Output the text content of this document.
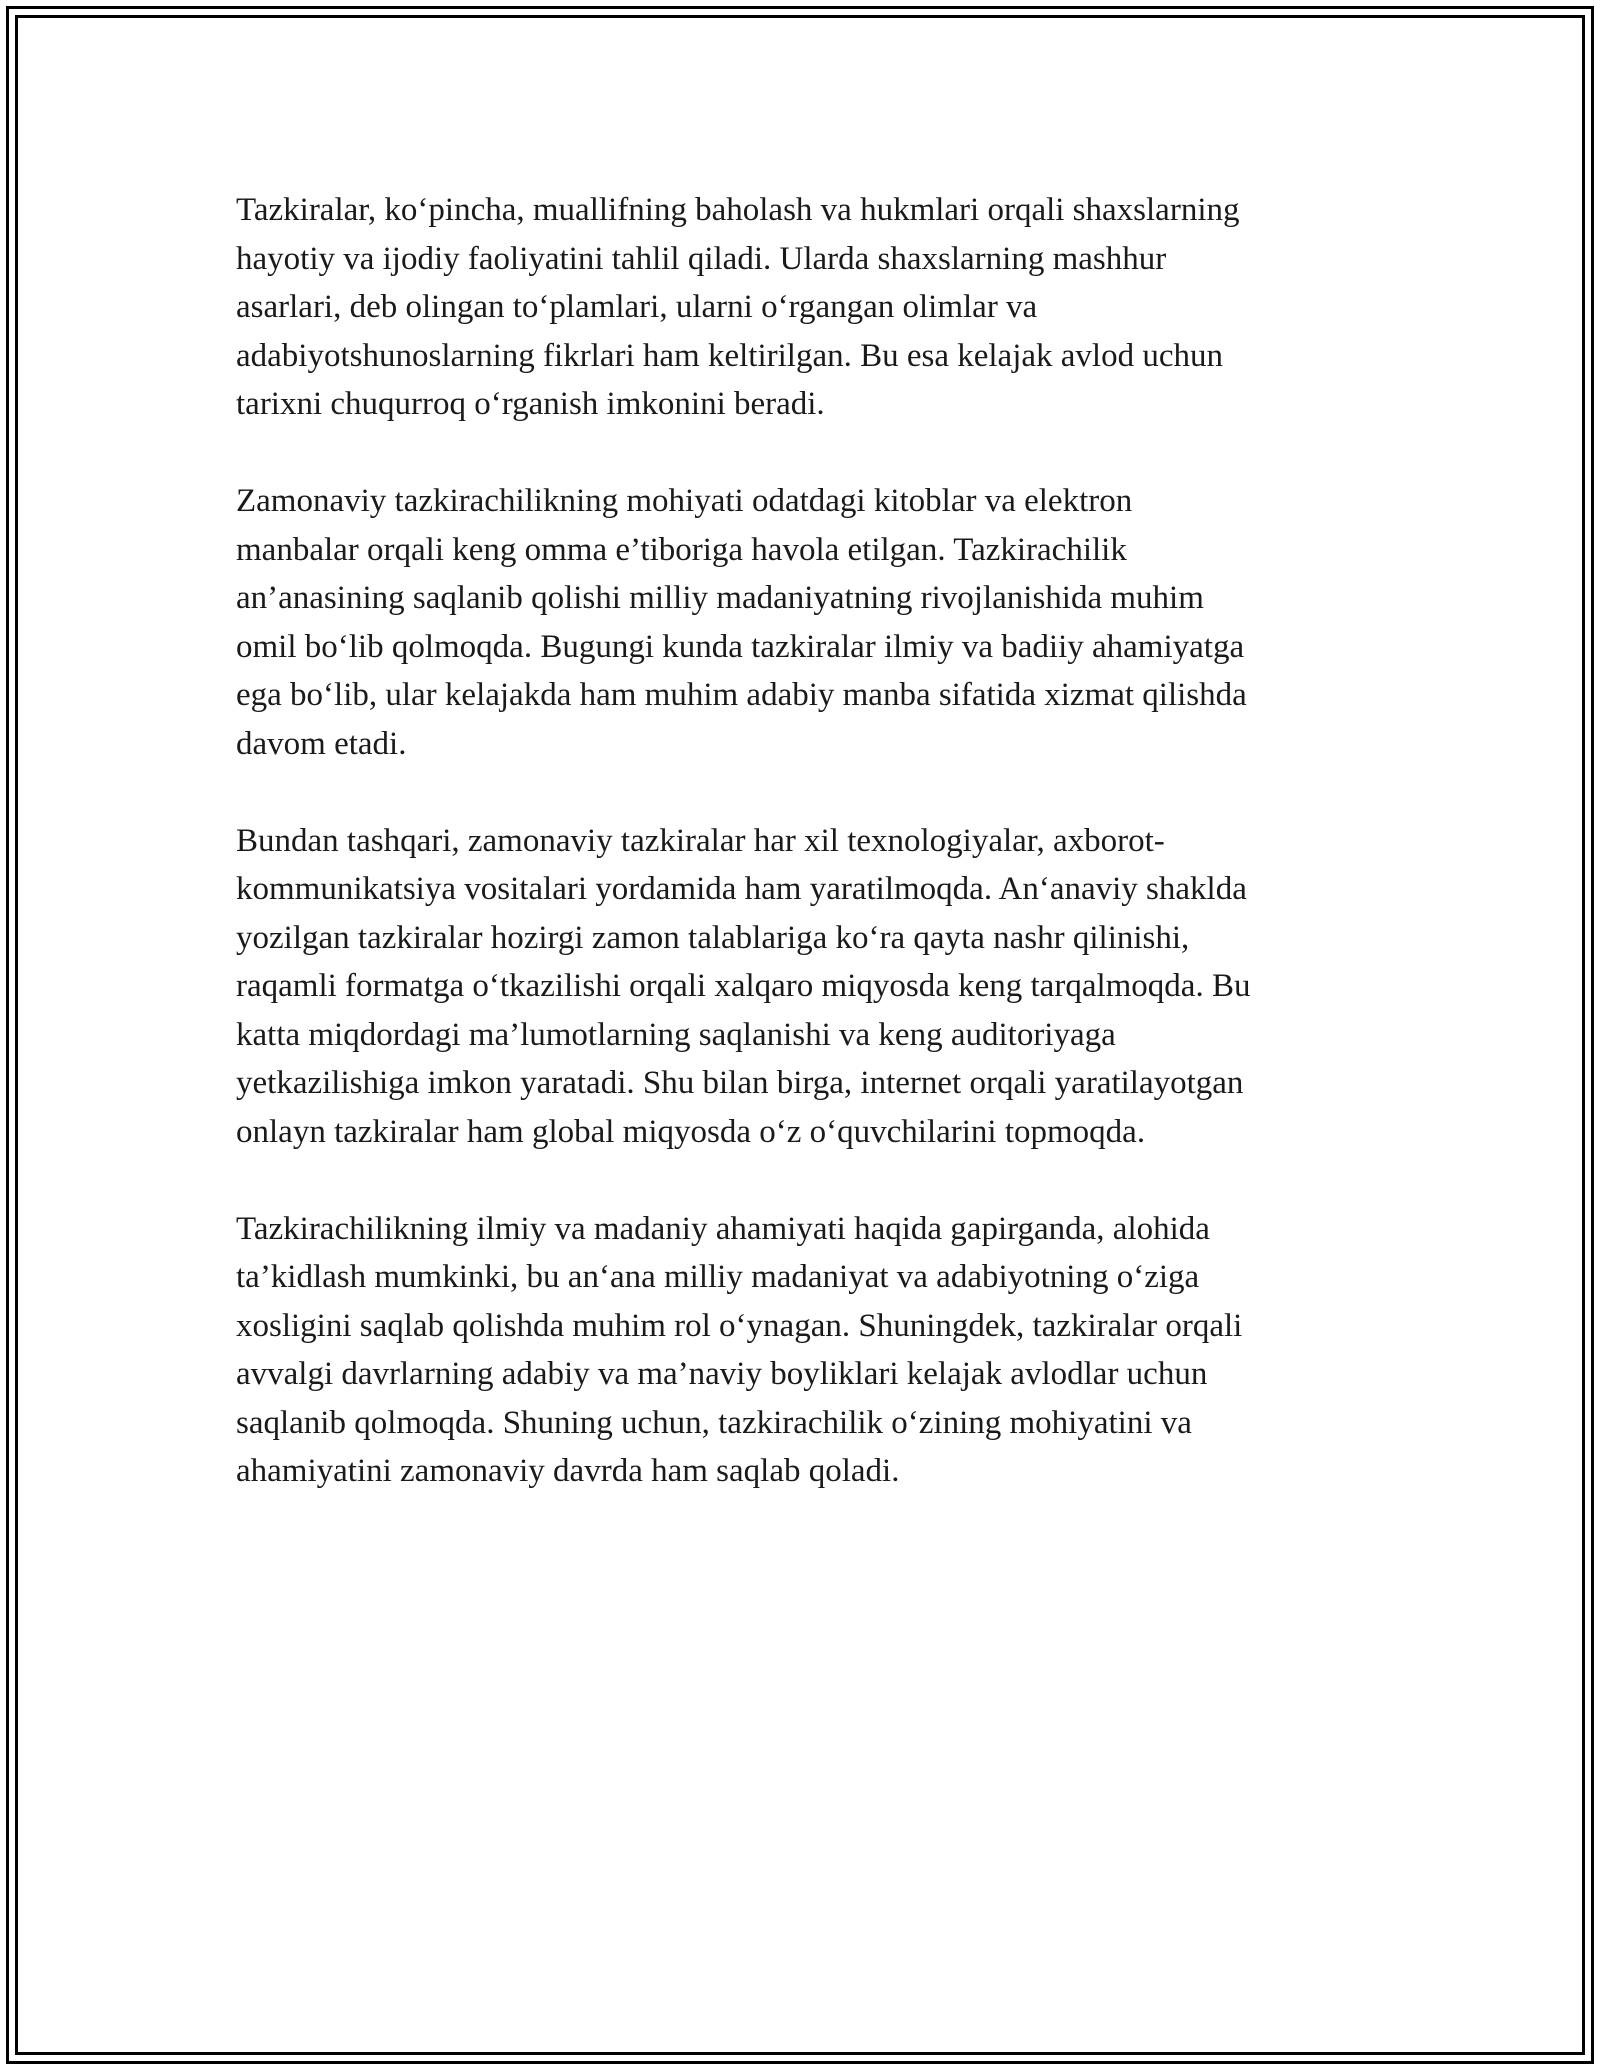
Tazkiralar, ko‘pincha, muallifning baholash va hukmlari orqali shaxslarning
hayotiy va ijodiy faoliyatini tahlil qiladi. Ularda shaxslarning mashhur
asarlari, deb olingan to‘plamlari, ularni o‘rgangan olimlar va
adabiyotshunoslarning fikrlari ham keltirilgan. Bu esa kelajak avlod uchun
tarixni chuqurroq o‘rganish imkonini beradi.

Zamonaviy tazkirachilikning mohiyati odatdagi kitoblar va elektron
manbalar orqali keng omma e’tiboriga havola etilgan. Tazkirachilik
an’anasining saqlanib qolishi milliy madaniyatning rivojlanishida muhim
omil bo‘lib qolmoqda. Bugungi kunda tazkiralar ilmiy va badiiy ahamiyatga
ega bo‘lib, ular kelajakda ham muhim adabiy manba sifatida xizmat qilishda
davom etadi.

Bundan tashqari, zamonaviy tazkiralar har xil texnologiyalar, axborot-
kommunikatsiya vositalari yordamida ham yaratilmoqda. An‘anaviy shaklda
yozilgan tazkiralar hozirgi zamon talablariga ko‘ra qayta nashr qilinishi,
raqamli formatga o‘tkazilishi orqali xalqaro miqyosda keng tarqalmoqda. Bu
katta miqdordagi ma’lumotlarning saqlanishi va keng auditoriyaga
yetkazilishiga imkon yaratadi. Shu bilan birga, internet orqali yaratilayotgan
onlayn tazkiralar ham global miqyosda o‘z o‘quvchilarini topmoqda.

Tazkirachilikning ilmiy va madaniy ahamiyati haqida gapirganda, alohida
ta’kidlash mumkinki, bu an‘ana milliy madaniyat va adabiyotning o‘ziga
xosligini saqlab qolishda muhim rol o‘ynagan. Shuningdek, tazkiralar orqali
avvalgi davrlarning adabiy va ma’naviy boyliklari kelajak avlodlar uchun
saqlanib qolmoqda. Shuning uchun, tazkirachilik o‘zining mohiyatini va
ahamiyatini zamonaviy davrda ham saqlab qoladi.
